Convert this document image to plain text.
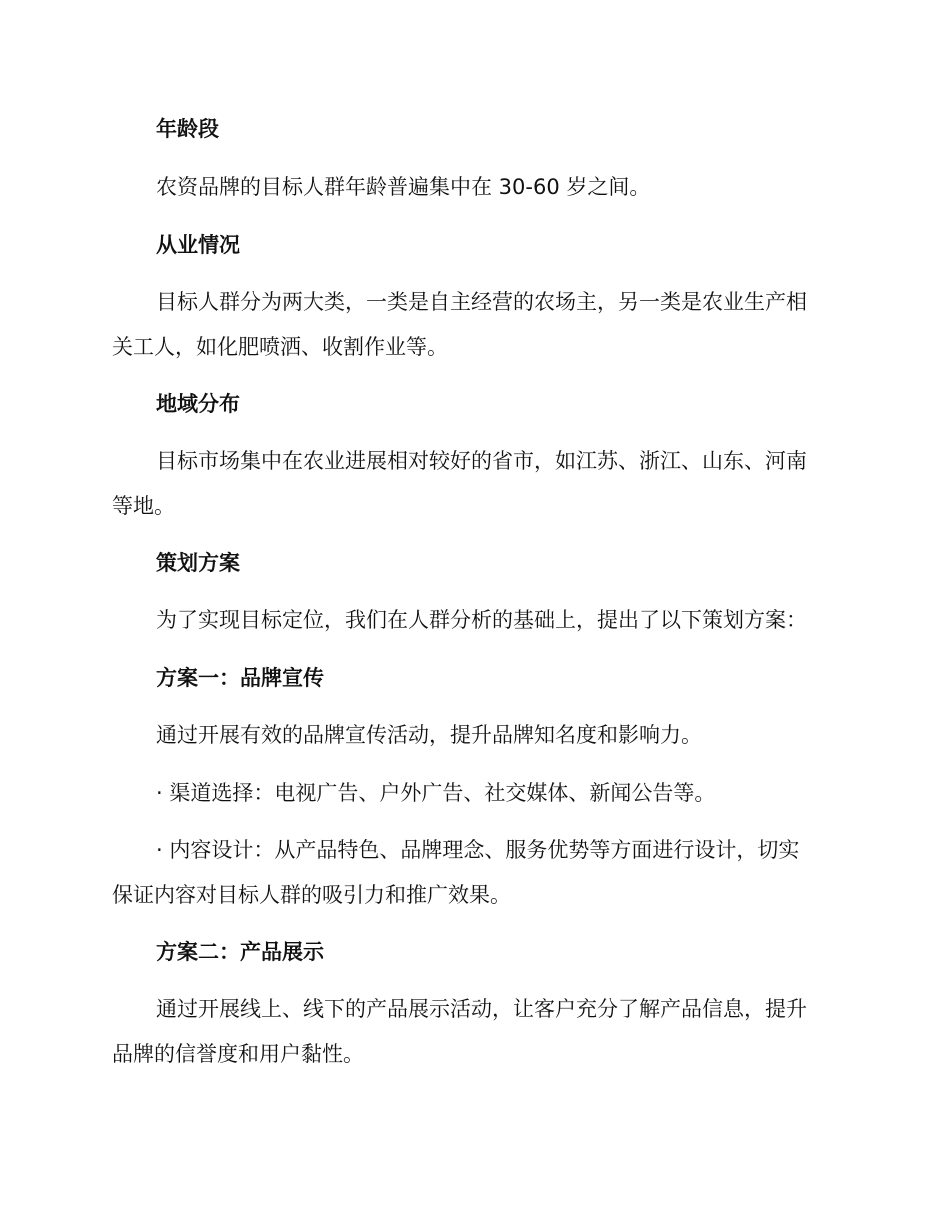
年龄段
农资品牌的目标人群年龄普遍集中在 30-60 岁之间。
从业情况
目标人群分为两大类，一类是自主经营的农场主，另一类是农业生产相
关工人，如化肥喷洒、收割作业等。
地域分布
目标市场集中在农业进展相对较好的省市，如江苏、浙江、山东、河南
等地。
策划方案
为了实现目标定位，我们在人群分析的基础上，提出了以下策划方案：
方案一：品牌宣传
通过开展有效的品牌宣传活动，提升品牌知名度和影响力。
· 渠道选择：电视广告、户外广告、社交媒体、新闻公告等。
· 内容设计：从产品特色、品牌理念、服务优势等方面进行设计，切实
保证内容对目标人群的吸引力和推广效果。
方案二：产品展示
通过开展线上、线下的产品展示活动，让客户充分了解产品信息，提升
品牌的信誉度和用户黏性。
